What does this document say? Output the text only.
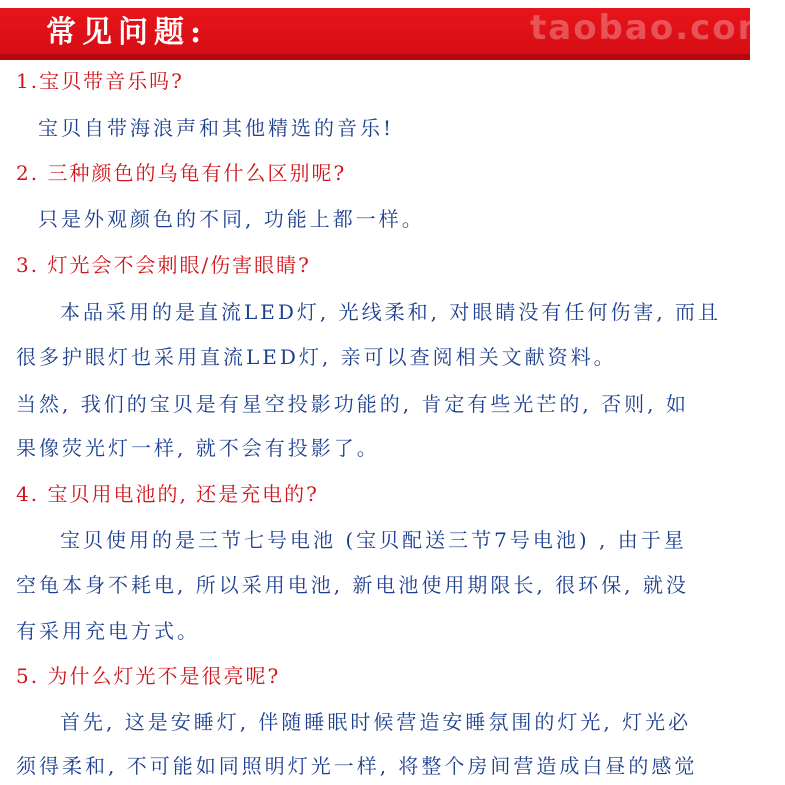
常见问题:	taobao.com
1.宝贝带音乐吗?
宝贝自带海浪声和其他精选的音乐!
2. 三种颜色的乌龟有什么区别呢?
只是外观颜色的不同, 功能上都一样。
3. 灯光会不会刺眼/伤害眼睛?
本品采用的是直流LED灯, 光线柔和, 对眼睛没有任何伤害, 而且
很多护眼灯也采用直流LED灯, 亲可以查阅相关文献资料。
当然, 我们的宝贝是有星空投影功能的, 肯定有些光芒的, 否则, 如
果像荧光灯一样, 就不会有投影了。
4. 宝贝用电池的, 还是充电的?
宝贝使用的是三节七号电池 (宝贝配送三节7号电池) , 由于星
空龟本身不耗电, 所以采用电池, 新电池使用期限长, 很环保, 就没
有采用充电方式。
5. 为什么灯光不是很亮呢?
首先, 这是安睡灯, 伴随睡眠时候营造安睡氛围的灯光, 灯光必
须得柔和, 不可能如同照明灯光一样, 将整个房间营造成白昼的感觉
